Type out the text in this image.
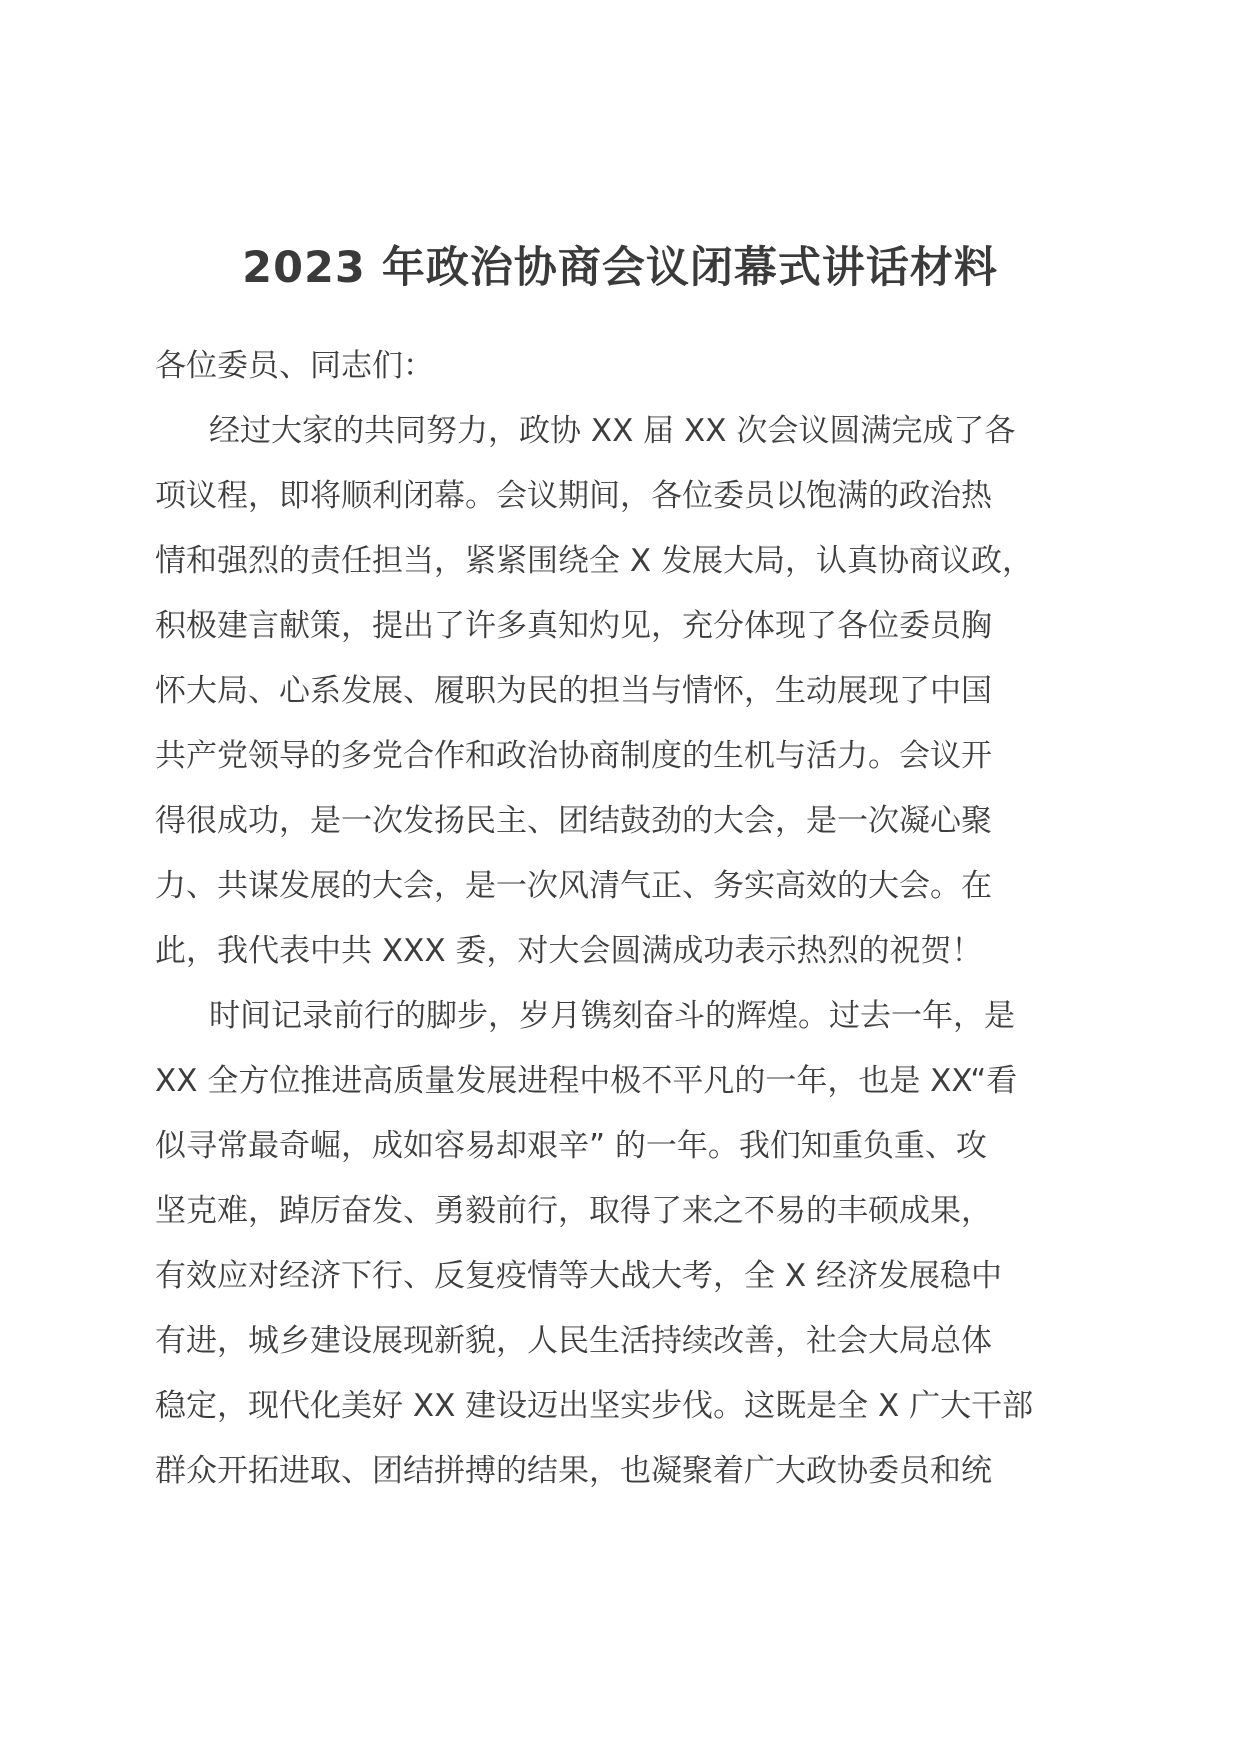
2023 年政治协商会议闭幕式讲话材料
各位委员、同志们：
经过大家的共同努力，政协 XX 届 XX 次会议圆满完成了各
项议程，即将顺利闭幕。会议期间，各位委员以饱满的政治热
情和强烈的责任担当，紧紧围绕全 X 发展大局，认真协商议政，
积极建言献策，提出了许多真知灼见，充分体现了各位委员胸
怀大局、心系发展、履职为民的担当与情怀，生动展现了中国
共产党领导的多党合作和政治协商制度的生机与活力。会议开
得很成功，是一次发扬民主、团结鼓劲的大会，是一次凝心聚
力、共谋发展的大会，是一次风清气正、务实高效的大会。在
此，我代表中共 XXX 委，对大会圆满成功表示热烈的祝贺！
时间记录前行的脚步，岁月镌刻奋斗的辉煌。过去一年，是
XX 全方位推进高质量发展进程中极不平凡的一年，也是 XX“看
似寻常最奇崛，成如容易却艰辛” 的一年。我们知重负重、攻
坚克难，踔厉奋发、勇毅前行，取得了来之不易的丰硕成果，
有效应对经济下行、反复疫情等大战大考，全 X 经济发展稳中
有进，城乡建设展现新貌，人民生活持续改善，社会大局总体
稳定，现代化美好 XX 建设迈出坚实步伐。这既是全 X 广大干部
群众开拓进取、团结拼搏的结果，也凝聚着广大政协委员和统
